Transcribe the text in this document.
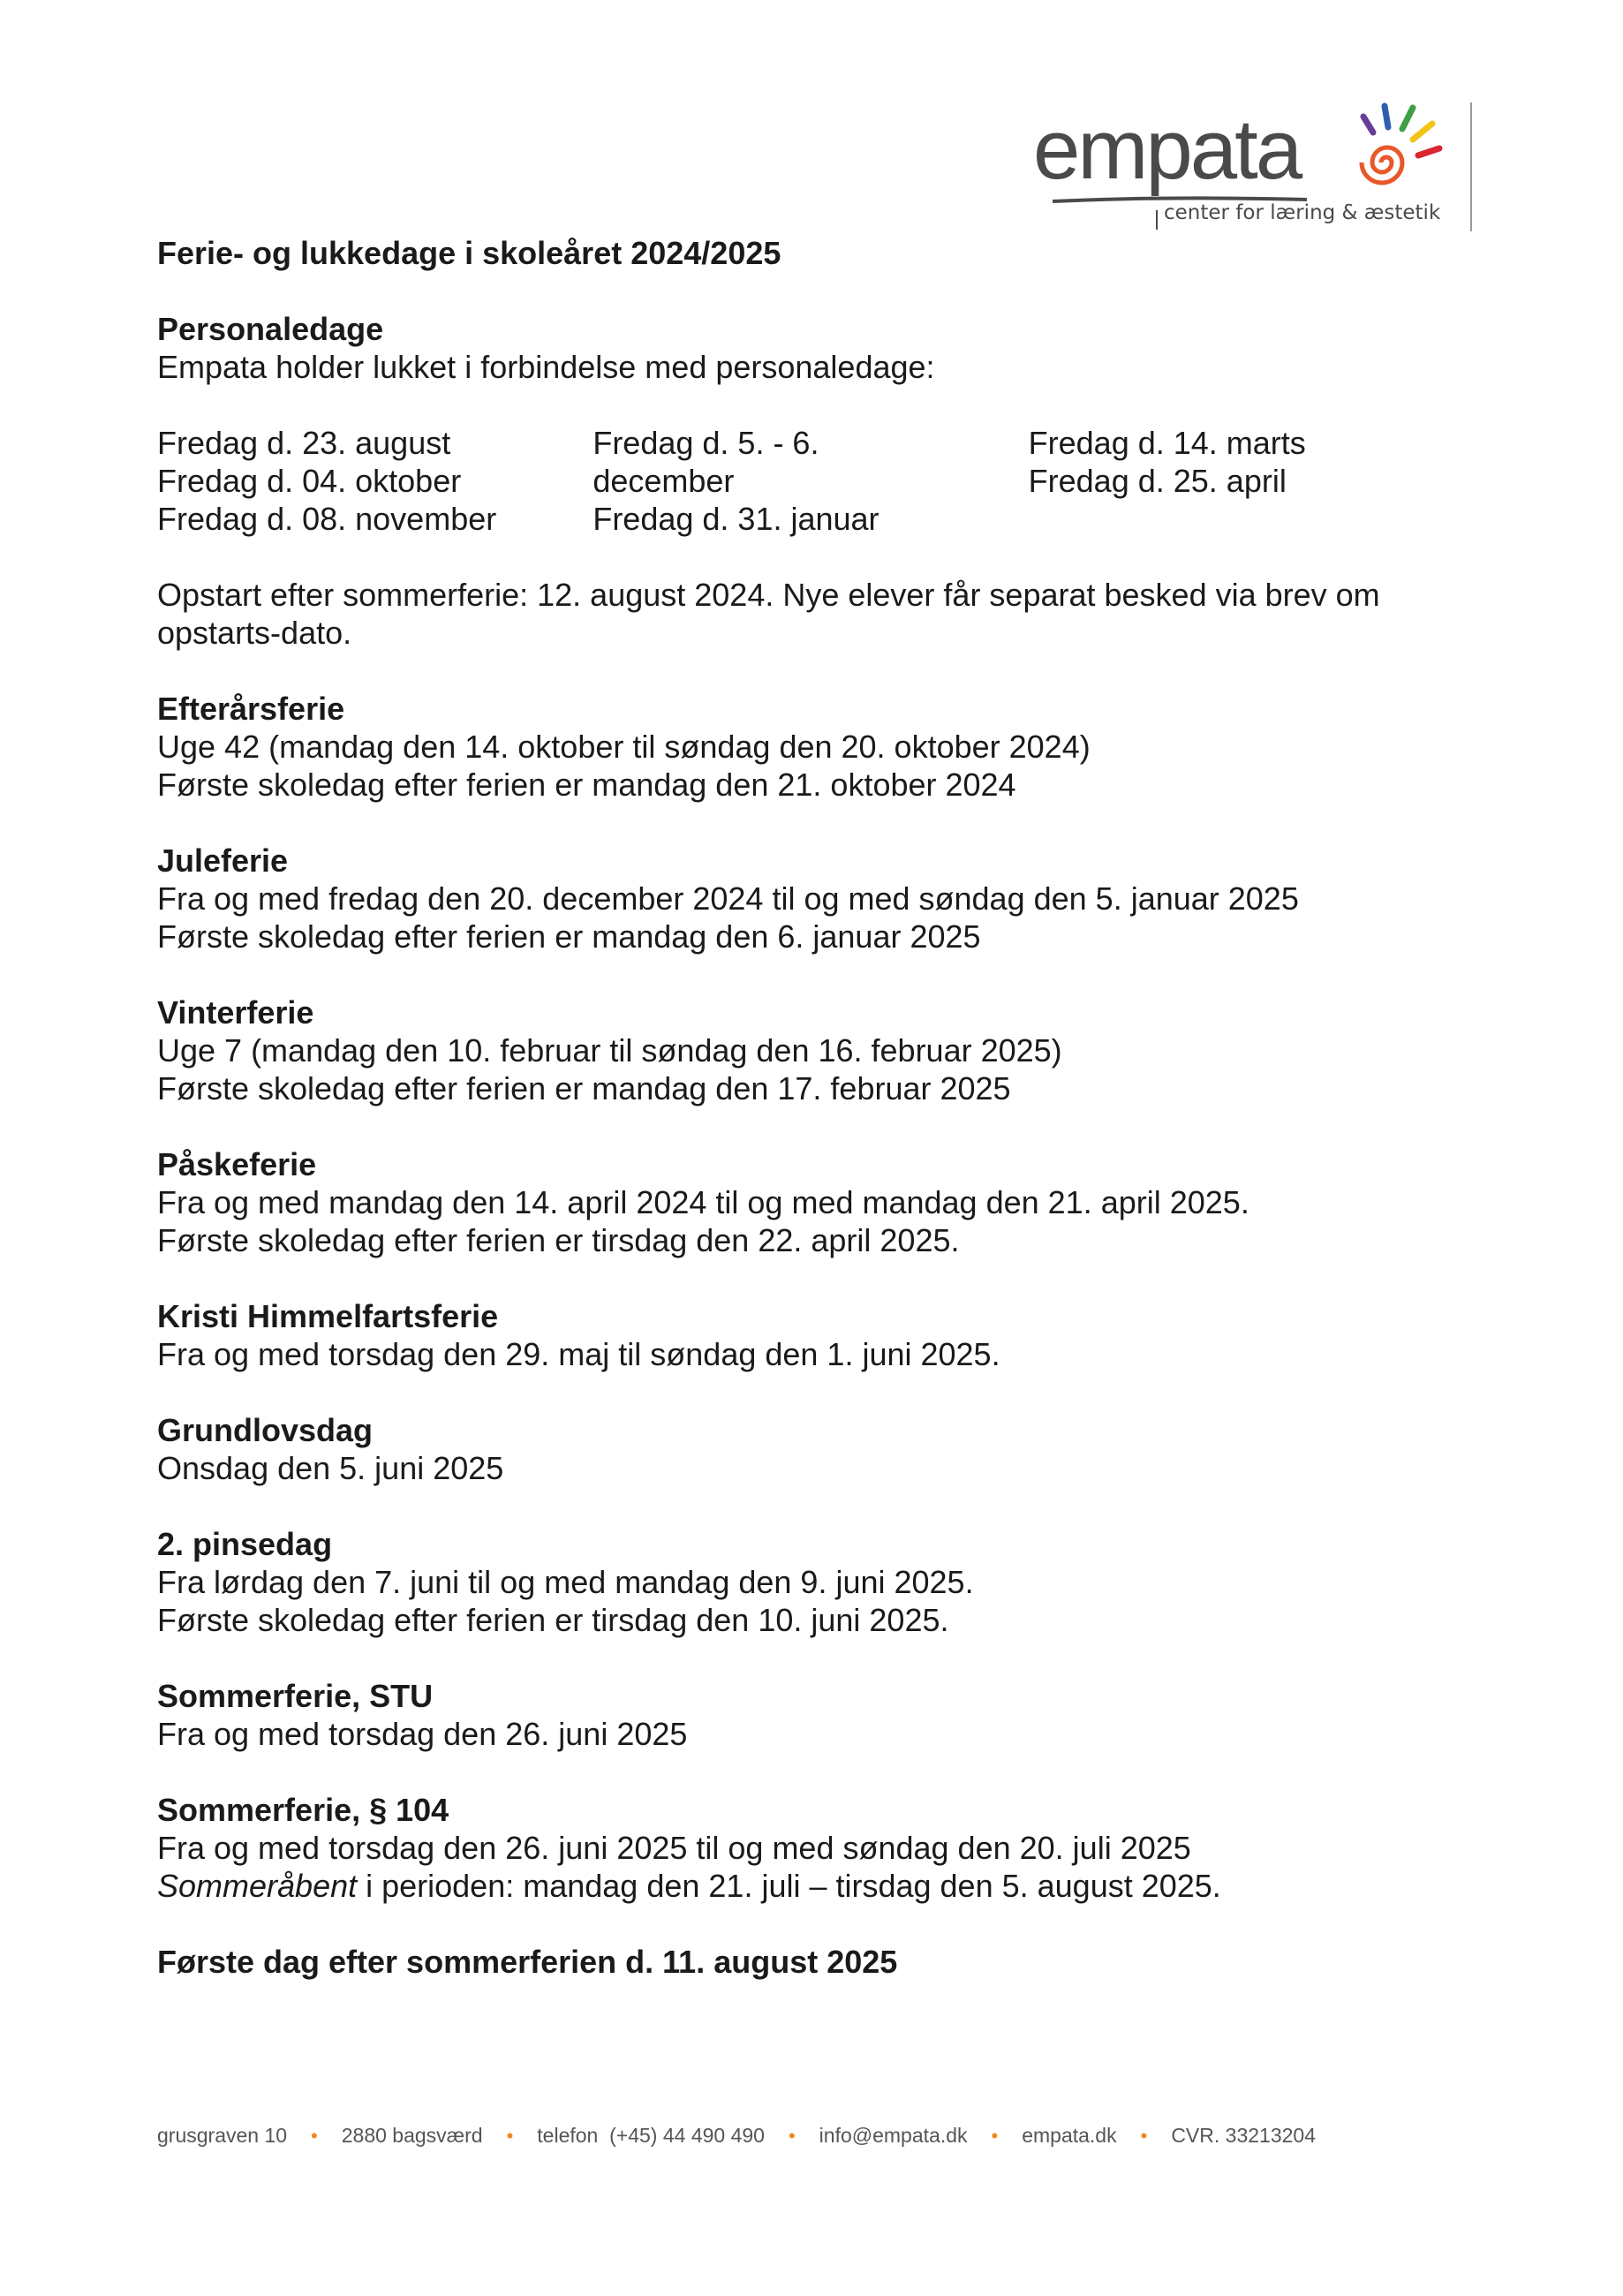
empata
center for læring & æstetik
Ferie- og lukkedage i skoleåret 2024/2025
Personaledage
Empata holder lukket i forbindelse med personaledage:
Fredag d. 23. august
Fredag d. 04. oktober
Fredag d. 08. november
Fredag d. 5. - 6.
december
Fredag d. 31. januar
Fredag d. 14. marts
Fredag d. 25. april
Opstart efter sommerferie: 12. august 2024. Nye elever får separat besked via brev om
opstarts-dato.
Efterårsferie
Uge 42 (mandag den 14. oktober til søndag den 20. oktober 2024)
Første skoledag efter ferien er mandag den 21. oktober 2024
Juleferie
Fra og med fredag den 20. december 2024 til og med søndag den 5. januar 2025
Første skoledag efter ferien er mandag den 6. januar 2025
Vinterferie
Uge 7 (mandag den 10. februar til søndag den 16. februar 2025)
Første skoledag efter ferien er mandag den 17. februar 2025
Påskeferie
Fra og med mandag den 14. april 2024 til og med mandag den 21. april 2025.
Første skoledag efter ferien er tirsdag den 22. april 2025.
Kristi Himmelfartsferie
Fra og med torsdag den 29. maj til søndag den 1. juni 2025.
Grundlovsdag
Onsdag den 5. juni 2025
2. pinsedag
Fra lørdag den 7. juni til og med mandag den 9. juni 2025.
Første skoledag efter ferien er tirsdag den 10. juni 2025.
Sommerferie, STU
Fra og med torsdag den 26. juni 2025
Sommerferie, § 104
Fra og med torsdag den 26. juni 2025 til og med søndag den 20. juli 2025
Sommeråbent i perioden: mandag den 21. juli – tirsdag den 5. august 2025.
Første dag efter sommerferien d. 11. august 2025
grusgraven 10 • 2880 bagsværd • telefon  (+45) 44 490 490 • info@empata.dk • empata.dk • CVR. 33213204
